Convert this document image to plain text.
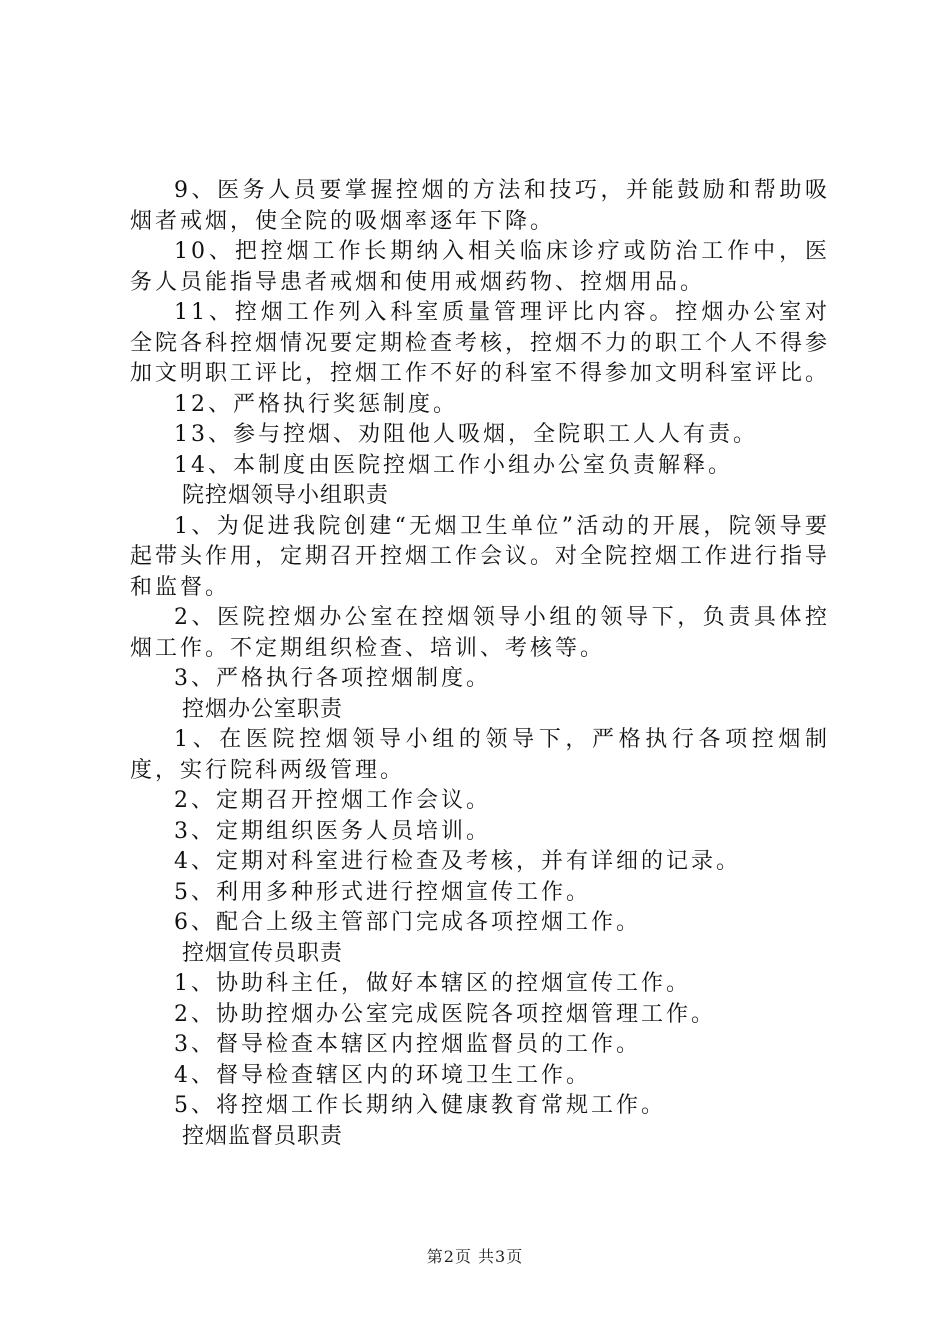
9、医务人员要掌握控烟的方法和技巧，并能鼓励和帮助吸烟者戒烟，使全院的吸烟率逐年下降。

10、把控烟工作长期纳入相关临床诊疗或防治工作中，医务人员能指导患者戒烟和使用戒烟药物、控烟用品。

11、控烟工作列入科室质量管理评比内容。控烟办公室对全院各科控烟情况要定期检查考核，控烟不力的职工个人不得参加文明职工评比，控烟工作不好的科室不得参加文明科室评比。

12、严格执行奖惩制度。

13、参与控烟、劝阻他人吸烟，全院职工人人有责。

14、本制度由医院控烟工作小组办公室负责解释。

院控烟领导小组职责

1、为促进我院创建“无烟卫生单位”活动的开展，院领导要起带头作用，定期召开控烟工作会议。对全院控烟工作进行指导和监督。

2、医院控烟办公室在控烟领导小组的领导下，负责具体控烟工作。不定期组织检查、培训、考核等。

3、严格执行各项控烟制度。

控烟办公室职责

1、在医院控烟领导小组的领导下，严格执行各项控烟制度，实行院科两级管理。

2、定期召开控烟工作会议。

3、定期组织医务人员培训。

4、定期对科室进行检查及考核，并有详细的记录。

5、利用多种形式进行控烟宣传工作。

6、配合上级主管部门完成各项控烟工作。

控烟宣传员职责

1、协助科主任，做好本辖区的控烟宣传工作。

2、协助控烟办公室完成医院各项控烟管理工作。

3、督导检查本辖区内控烟监督员的工作。

4、督导检查辖区内的环境卫生工作。

5、将控烟工作长期纳入健康教育常规工作。

控烟监督员职责

第2页 共3页
